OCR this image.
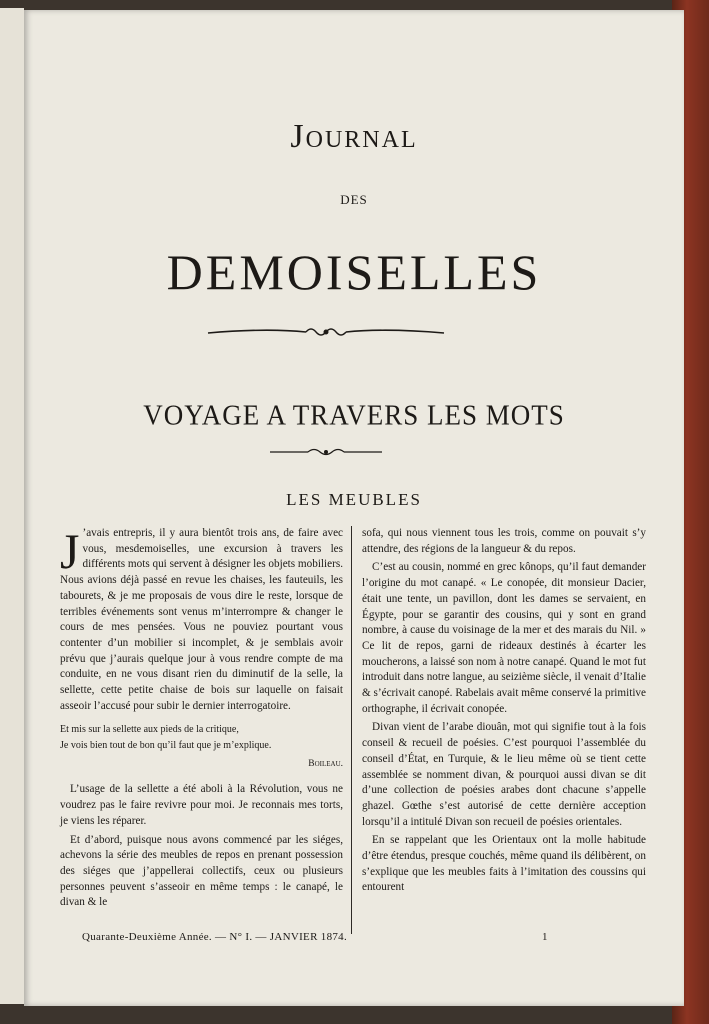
Journal
DES
DEMOISELLES
VOYAGE A TRAVERS LES MOTS
LES MEUBLES

J ’avais entrepris, il y aura bientôt trois ans, de faire avec vous, mesdemoiselles, une excursion à travers les différents mots qui servent à désigner les objets mobiliers. Nous avions déjà passé en revue les chaises, les fauteuils, les tabourets, & je me proposais de vous dire le reste, lorsque de terribles événements sont venus m’interrompre & changer le cours de mes pensées. Vous ne pouviez pourtant vous contenter d’un mobilier si incomplet, & je semblais avoir prévu que j’aurais quelque jour à vous rendre compte de ma conduite, en ne vous disant rien du diminutif de la selle, la sellette, cette petite chaise de bois sur laquelle on faisait asseoir l’accusé pour subir le dernier interrogatoire.

Et mis sur la sellette aux pieds de la critique,
Je vois bien tout de bon qu’il faut que je m’explique.
Boileau.

L’usage de la sellette a été aboli à la Révolution, vous ne voudrez pas le faire revivre pour moi. Je reconnais mes torts, je viens les réparer.

Et d’abord, puisque nous avons commencé par les siéges, achevons la série des meubles de repos en prenant possession des siéges que j’appellerai collectifs, ceux ou plusieurs personnes peuvent s’asseoir en même temps : le canapé, le divan & le

sofa, qui nous viennent tous les trois, comme on pouvait s’y attendre, des régions de la langueur & du repos.

C’est au cousin, nommé en grec kônops, qu’il faut demander l’origine du mot canapé. « Le conopée, dit monsieur Dacier, était une tente, un pavillon, dont les dames se servaient, en Égypte, pour se garantir des cousins, qui y sont en grand nombre, à cause du voisinage de la mer et des marais du Nil. » Ce lit de repos, garni de rideaux destinés à écarter les moucherons, a laissé son nom à notre canapé. Quand le mot fut introduit dans notre langue, au seizième siècle, il venait d’Italie & s’écrivait canopé. Rabelais avait même conservé la primitive orthographe, il écrivait conopée.

Divan vient de l’arabe diouân, mot qui signifie tout à la fois conseil & recueil de poésies. C’est pourquoi l’assemblée du conseil d’État, en Turquie, & le lieu même où se tient cette assemblée se nomment divan, & pourquoi aussi divan se dit d’une collection de poésies arabes dont chacune s’appelle ghazel. Gœthe s’est autorisé de cette dernière acception lorsqu’il a intitulé Divan son recueil de poésies orientales.

En se rappelant que les Orientaux ont la molle habitude d’être étendus, presque couchés, même quand ils délibèrent, on s’explique que les meubles faits à l’imitation des coussins qui entourent

Quarante-Deuxième Année. — N° I. — JANVIER 1874.	1
